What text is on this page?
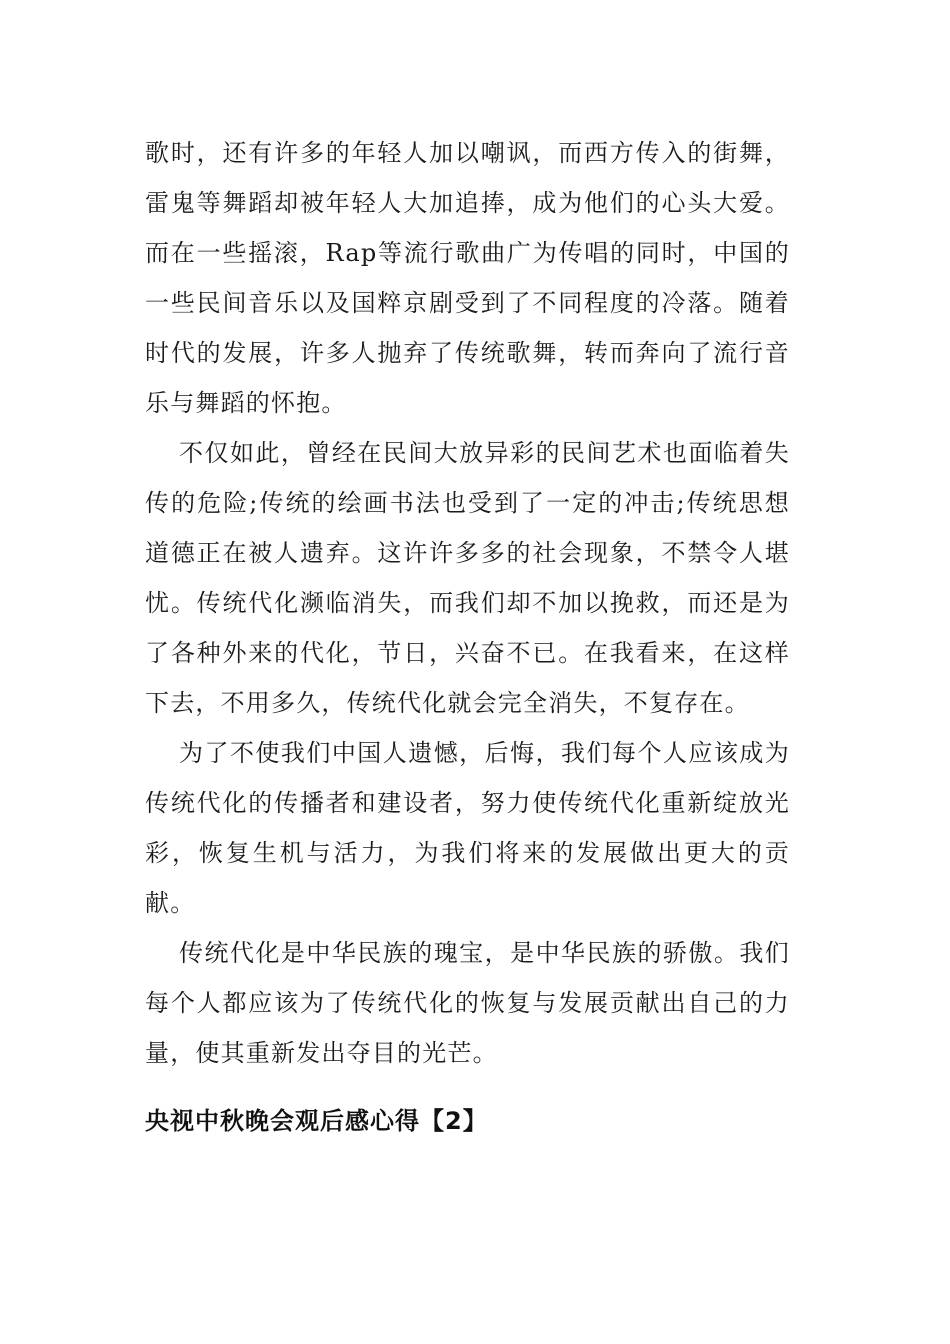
歌时，还有许多的年轻人加以嘲讽，而西方传入的街舞，雷鬼等舞蹈却被年轻人大加追捧，成为他们的心头大爱。而在一些摇滚，Rap等流行歌曲广为传唱的同时，中国的一些民间音乐以及国粹京剧受到了不同程度的冷落。随着时代的发展，许多人抛弃了传统歌舞，转而奔向了流行音乐与舞蹈的怀抱。

不仅如此，曾经在民间大放异彩的民间艺术也面临着失传的危险;传统的绘画书法也受到了一定的冲击;传统思想道德正在被人遗弃。这许许多多的社会现象，不禁令人堪忧。传统代化濒临消失，而我们却不加以挽救，而还是为了各种外来的代化，节日，兴奋不已。在我看来，在这样下去，不用多久，传统代化就会完全消失，不复存在。

为了不使我们中国人遗憾，后悔，我们每个人应该成为传统代化的传播者和建设者，努力使传统代化重新绽放光彩，恢复生机与活力，为我们将来的发展做出更大的贡献。

传统代化是中华民族的瑰宝，是中华民族的骄傲。我们每个人都应该为了传统代化的恢复与发展贡献出自己的力量，使其重新发出夺目的光芒。

央视中秋晚会观后感心得【2】
